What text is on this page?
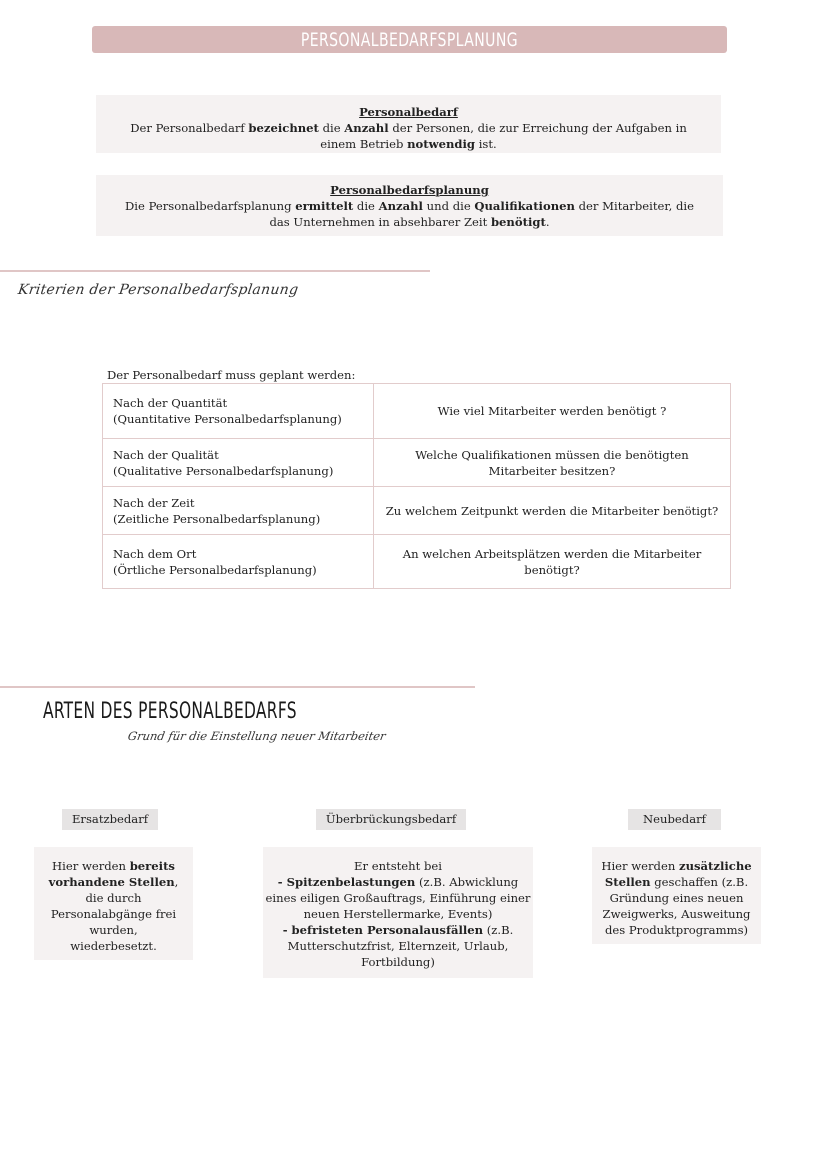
PERSONALBEDARFSPLANUNG
Personalbedarf
Der Personalbedarf bezeichnet die Anzahl der Personen, die zur Erreichung der Aufgaben in einem Betrieb notwendig ist.
Personalbedarfsplanung
Die Personalbedarfsplanung ermittelt die Anzahl und die Qualifikationen der Mitarbeiter, die das Unternehmen in absehbarer Zeit benötigt.
Kriterien der Personalbedarfsplanung
Der Personalbedarf muss geplant werden:
Nach der Quantität
(Quantitative Personalbedarfsplanung)	Wie viel Mitarbeiter werden benötigt ?

Nach der Qualität
(Qualitative Personalbedarfsplanung)	Welche Qualifikationen müssen die benötigten Mitarbeiter besitzen?

Nach der Zeit
(Zeitliche Personalbedarfsplanung)	Zu welchem Zeitpunkt werden die Mitarbeiter benötigt?

Nach dem Ort
(Örtliche Personalbedarfsplanung)	An welchen Arbeitsplätzen werden die Mitarbeiter benötigt?
ARTEN DES PERSONALBEDARFS
Grund für die Einstellung neuer Mitarbeiter
Ersatzbedarf	Überbrückungsbedarf	Neubedarf
Hier werden bereits
vorhandene Stellen,
die durch
Personalabgänge frei
wurden,
wiederbesetzt.
Er entsteht bei
- Spitzenbelastungen (z.B. Abwicklung
eines eiligen Großauftrags, Einführung einer
neuen Herstellermarke, Events)
- befristeten Personalausfällen (z.B.
Mutterschutzfrist, Elternzeit, Urlaub,
Fortbildung)
Hier werden zusätzliche
Stellen geschaffen (z.B.
Gründung eines neuen
Zweigwerks, Ausweitung
des Produktprogramms)
